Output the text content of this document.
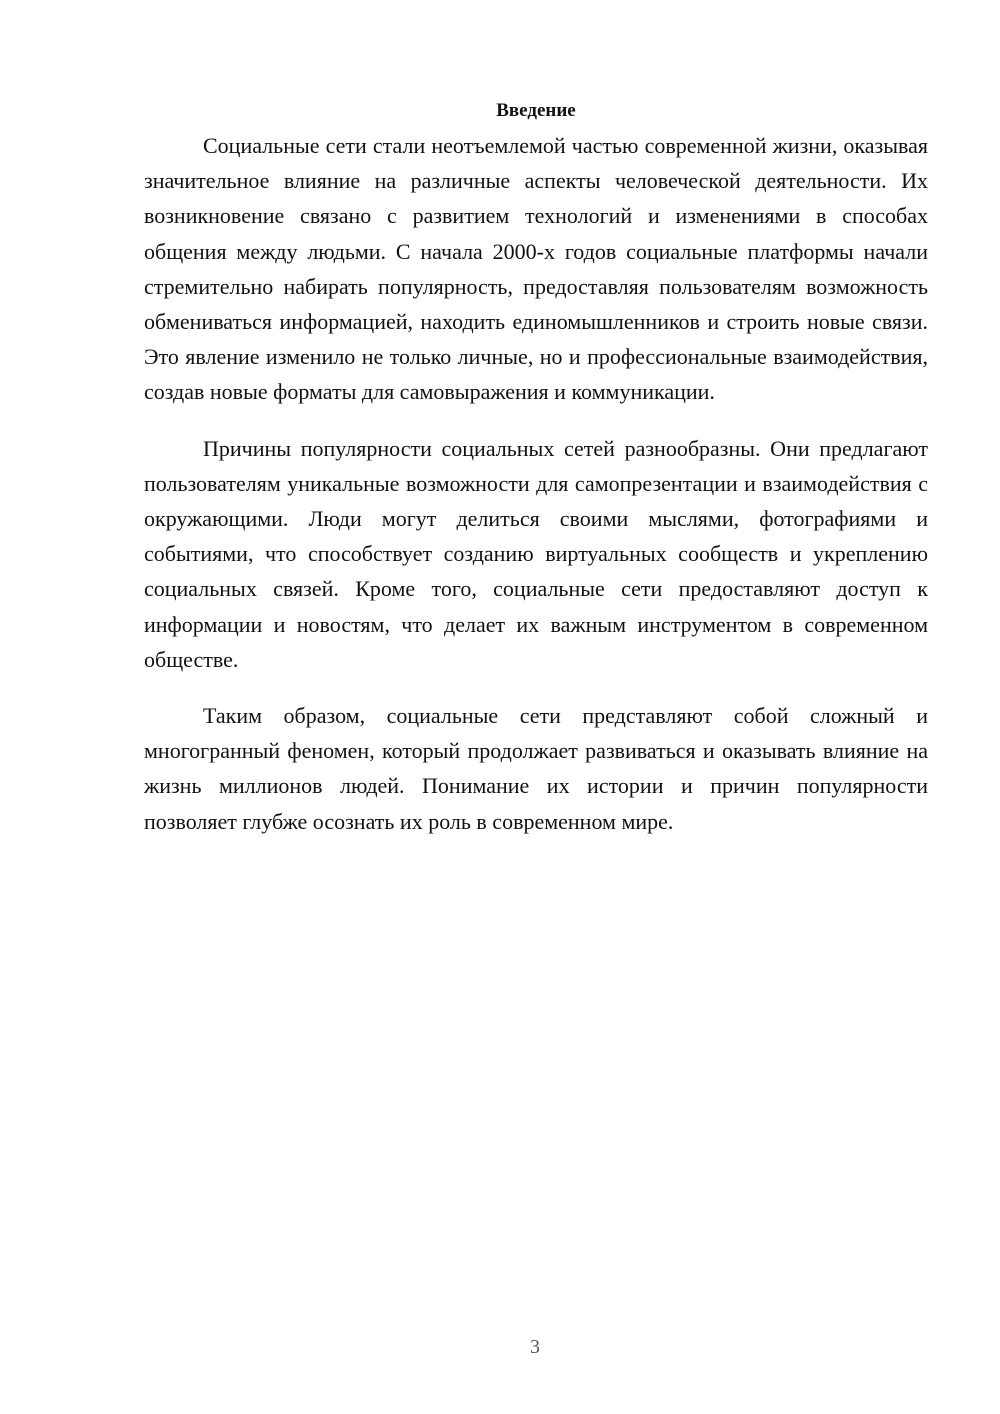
Введение

Социальные сети стали неотъемлемой частью современной жизни, оказывая значительное влияние на различные аспекты человеческой деятельности. Их возникновение связано с развитием технологий и изменениями в способах общения между людьми. С начала 2000-х годов социальные платформы начали стремительно набирать популярность, предоставляя пользователям возможность обмениваться информацией, находить единомышленников и строить новые связи. Это явление изменило не только личные, но и профессиональные взаимодействия, создав новые форматы для самовыражения и коммуникации.

Причины популярности социальных сетей разнообразны. Они предлагают пользователям уникальные возможности для самопрезентации и взаимодействия с окружающими. Люди могут делиться своими мыслями, фотографиями и событиями, что способствует созданию виртуальных сообществ и укреплению социальных связей. Кроме того, социальные сети предоставляют доступ к информации и новостям, что делает их важным инструментом в современном обществе.

Таким образом, социальные сети представляют собой сложный и многогранный феномен, который продолжает развиваться и оказывать влияние на жизнь миллионов людей. Понимание их истории и причин популярности позволяет глубже осознать их роль в современном мире.

3
